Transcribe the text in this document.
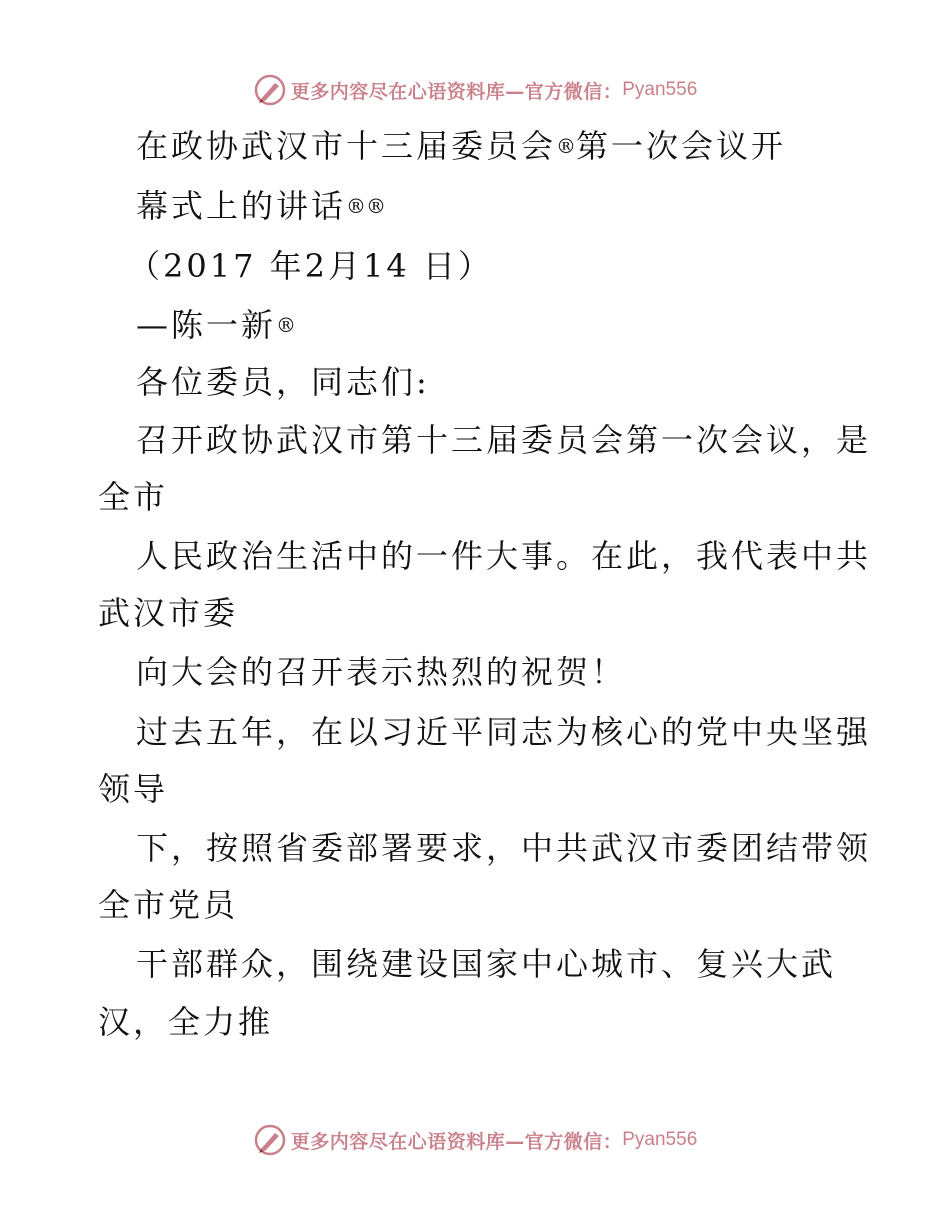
更多内容尽在心语资料库—官方微信： Pyan556
在政协武汉市十三届委员会®第一次会议开
幕式上的讲话®®
（2017 年2月14 日）
—陈一新®
各位委员，同志们:
召开政协武汉市第十三届委员会第一次会议，是
全市
人民政治生活中的一件大事。在此，我代表中共
武汉市委
向大会的召开表示热烈的祝贺！
过去五年，在以习近平同志为核心的党中央坚强
领导
下，按照省委部署要求，中共武汉市委团结带领
全市党员
干部群众，围绕建设国家中心城市、复兴大武
汉，全力推
更多内容尽在心语资料库—官方微信： Pyan556
